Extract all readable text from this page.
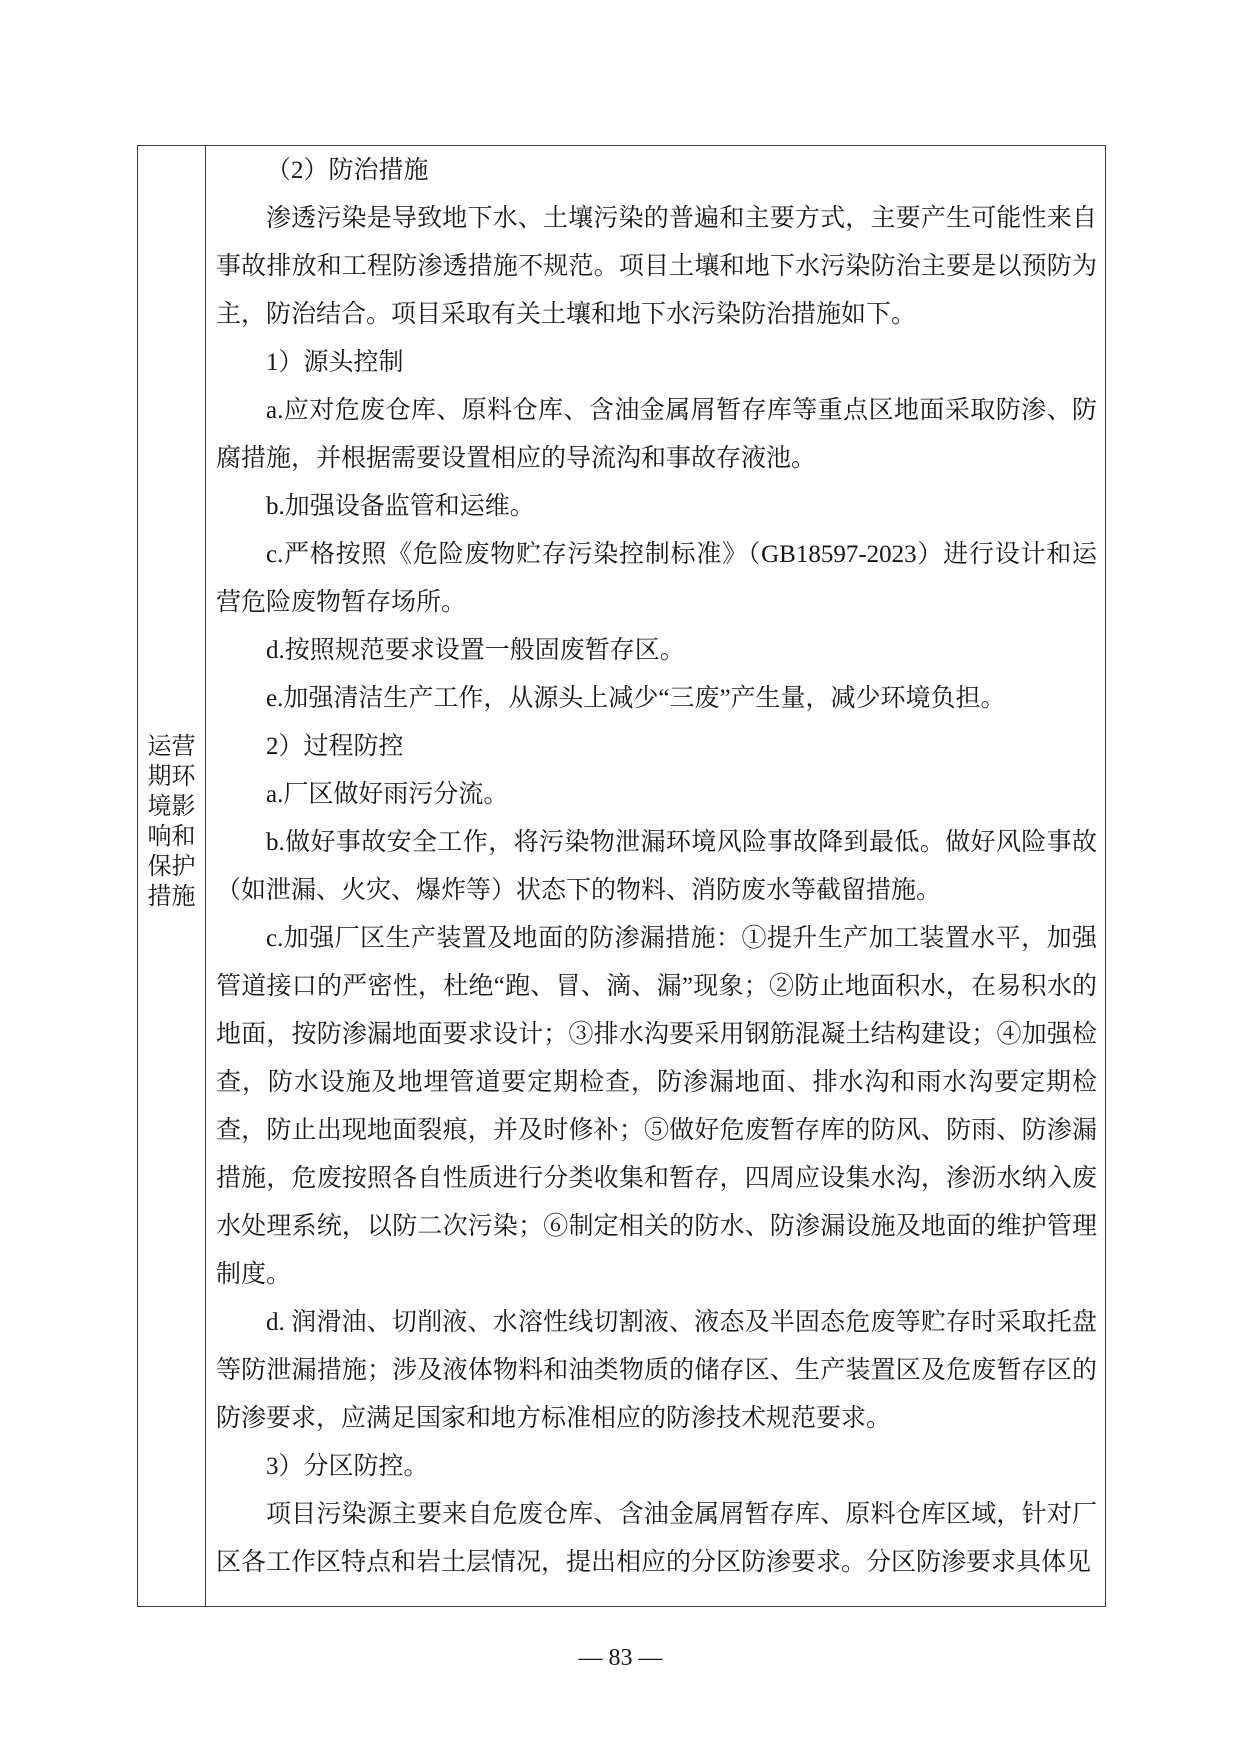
运营期环境影响和保护措施

（2）防治措施

渗透污染是导致地下水、土壤污染的普遍和主要方式，主要产生可能性来自事故排放和工程防渗透措施不规范。项目土壤和地下水污染防治主要是以预防为主，防治结合。项目采取有关土壤和地下水污染防治措施如下。

1）源头控制

a.应对危废仓库、原料仓库、含油金属屑暂存库等重点区地面采取防渗、防腐措施，并根据需要设置相应的导流沟和事故存液池。

b.加强设备监管和运维。

c.严格按照《危险废物贮存污染控制标准》（GB18597-2023）进行设计和运营危险废物暂存场所。

d.按照规范要求设置一般固废暂存区。

e.加强清洁生产工作，从源头上减少“三废”产生量，减少环境负担。

2）过程防控

a.厂区做好雨污分流。

b.做好事故安全工作，将污染物泄漏环境风险事故降到最低。做好风险事故（如泄漏、火灾、爆炸等）状态下的物料、消防废水等截留措施。

c.加强厂区生产装置及地面的防渗漏措施：①提升生产加工装置水平，加强管道接口的严密性，杜绝“跑、冒、滴、漏”现象；②防止地面积水，在易积水的地面，按防渗漏地面要求设计；③排水沟要采用钢筋混凝土结构建设；④加强检查，防水设施及地埋管道要定期检查，防渗漏地面、排水沟和雨水沟要定期检查，防止出现地面裂痕，并及时修补；⑤做好危废暂存库的防风、防雨、防渗漏措施，危废按照各自性质进行分类收集和暂存，四周应设集水沟，渗沥水纳入废水处理系统，以防二次污染；⑥制定相关的防水、防渗漏设施及地面的维护管理制度。

d. 润滑油、切削液、水溶性线切割液、液态及半固态危废等贮存时采取托盘等防泄漏措施；涉及液体物料和油类物质的储存区、生产装置区及危废暂存区的防渗要求，应满足国家和地方标准相应的防渗技术规范要求。

3）分区防控。

项目污染源主要来自危废仓库、含油金属屑暂存库、原料仓库区域，针对厂区各工作区特点和岩土层情况，提出相应的分区防渗要求。分区防渗要求具体见

— 83 —
